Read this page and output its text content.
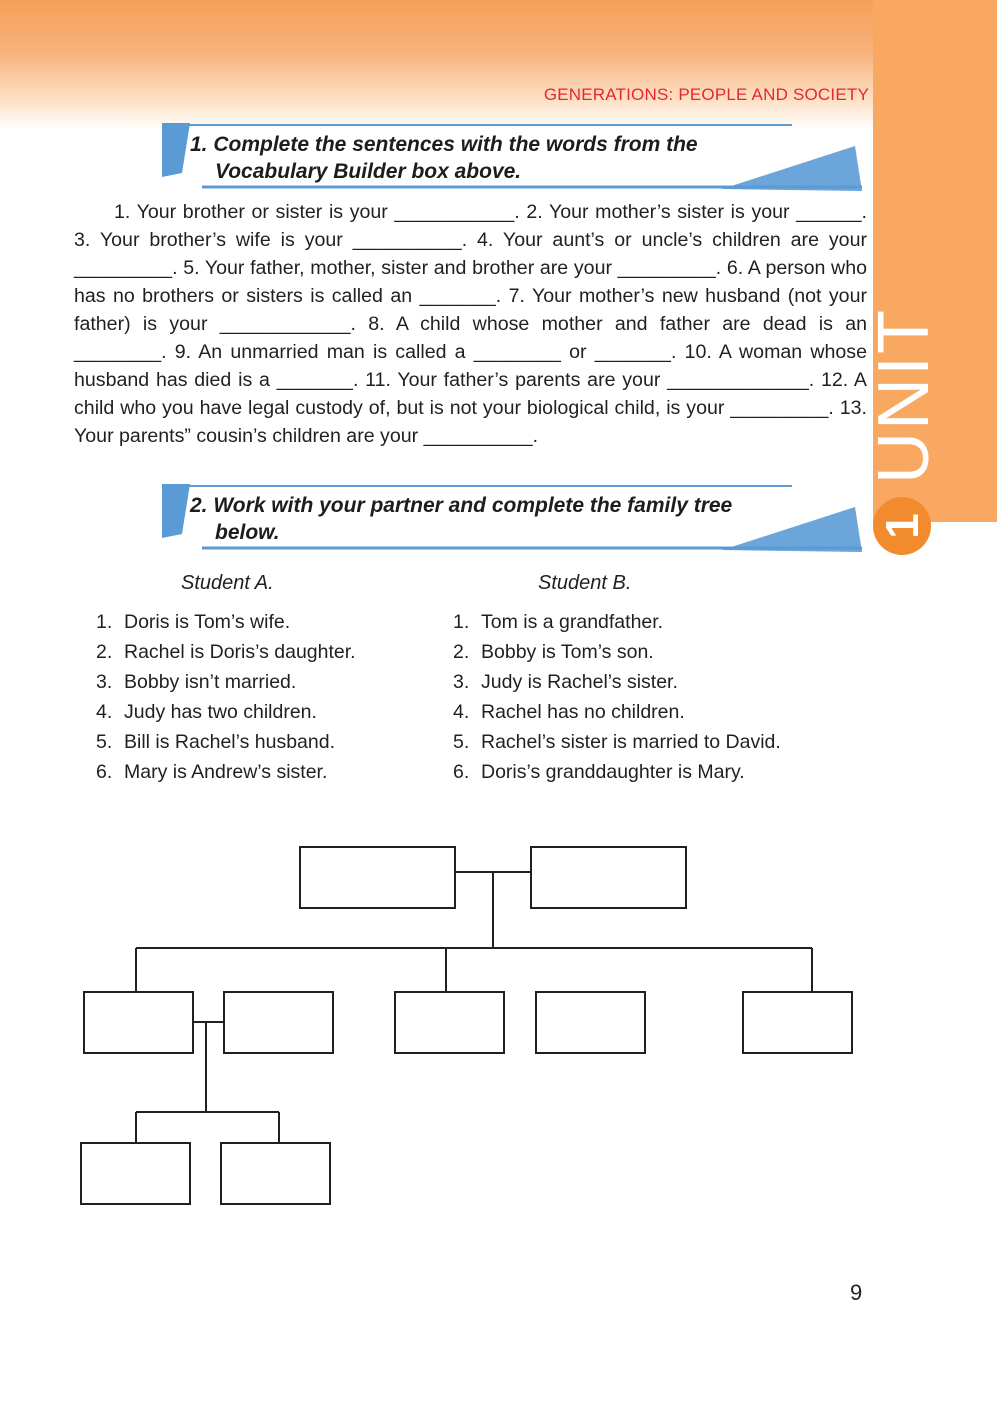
UNIT
1
GENERATIONS: PEOPLE AND SOCIETY
1. Complete the sentences with the words from the
Vocabulary Builder box above.
1. Your brother or sister is your ___________. 2. Your mother’s sister is your ______. 3. Your brother’s wife is your __________. 4. Your aunt’s or uncle’s children are your _________. 5. Your father, mother, sister and brother are your _________. 6. A person who has no brothers or sisters is called an _______. 7. Your mother’s new husband (not your father) is your ____________. 8. A child whose mother and father are dead is an ________. 9. An unmarried man is called a ________ or _______. 10. A woman whose husband has died is a _______. 11. Your father’s parents are your _____________. 12. A child who you have legal custody of, but is not your biological child, is your _________. 13. Your parents” cousin’s children are your __________.
2. Work with your partner and complete the family tree
below.
Student A.	Student B.
1. Doris is Tom’s wife.
2. Rachel is Doris’s daughter.
3. Bobby isn’t married.
4. Judy has two children.
5. Bill is Rachel’s husband.
6. Mary is Andrew’s sister.
1. Tom is a grandfather.
2. Bobby is Tom’s son.
3. Judy is Rachel’s sister.
4. Rachel has no children.
5. Rachel’s sister is married to David.
6. Doris’s granddaughter is Mary.
9
